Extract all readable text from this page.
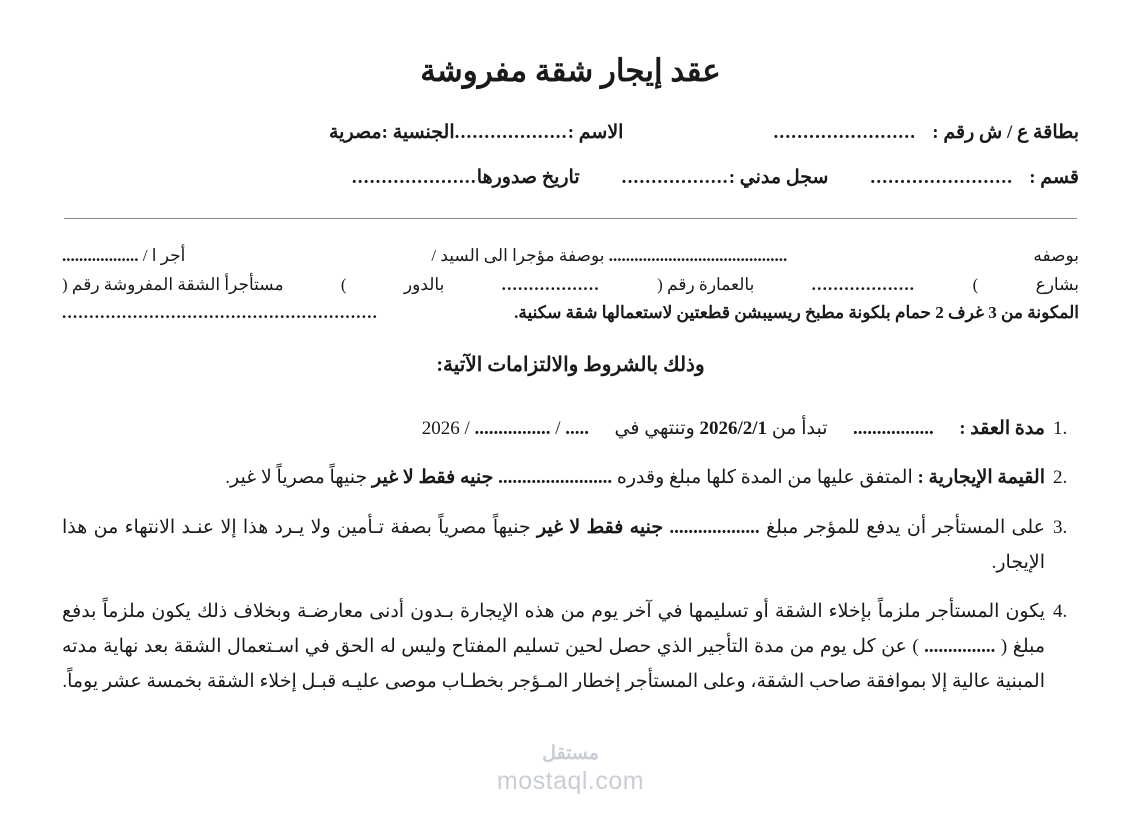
عقد إيجار شقة مفروشة
بطاقة ع / ش رقم :
........................
الاسم :
...................
الجنسية :مصرية
قسم :
........................
سجل مدني :
..................
تاريخ صدورها
.....................
بوصفه
.......................................... بوصفة مؤجرا الى السيد /
أجر ا / ..................
بشارع
)
...................
بالعمارة رقم (
..................
بالدور
)
مستأجرأ الشقة المفروشة رقم (
المكونة من 3 غرف 2 حمام بلكونة مطبخ ريسيبشن قطعتين لاستعمالها شقة سكنية.
..........................................................
وذلك بالشروط والالتزامات الآتية:
1.
مدة العقد :  .................  تبدأ من 2026/2/1 وتنتهي في  ..... / ................ / 2026
2.
القيمة الإيجارية : المتفق عليها من المدة كلها مبلغ وقدره ........................ جنيه فقط لا غير جنيهاً مصرياً لا غير.
3.
على المستأجر أن يدفع للمؤجر مبلغ ................... جنيه فقط لا غير جنيهاً مصرياً بصفة تـأمين ولا يـرد هذا إلا عنـد الانتهاء من هذا الإيجار.
4.
يكون المستأجر ملزماً بإخلاء الشقة أو تسليمها في آخر يوم من هذه الإيجارة بـدون أدنى معارضـة وبخلاف ذلك يكون ملزماً بدفع مبلغ ( ............... ) عن كل يوم من مدة التأجير الذي حصل لحين تسليم المفتاح وليس له الحق في اسـتعمال الشقة بعد نهاية مدته المبنية عالية إلا بموافقة صاحب الشقة، وعلى المستأجر إخطار المـؤجر بخطـاب موصى عليـه قبـل إخلاء الشقة بخمسة عشر يوماً.
مستقل
mostaql.com
